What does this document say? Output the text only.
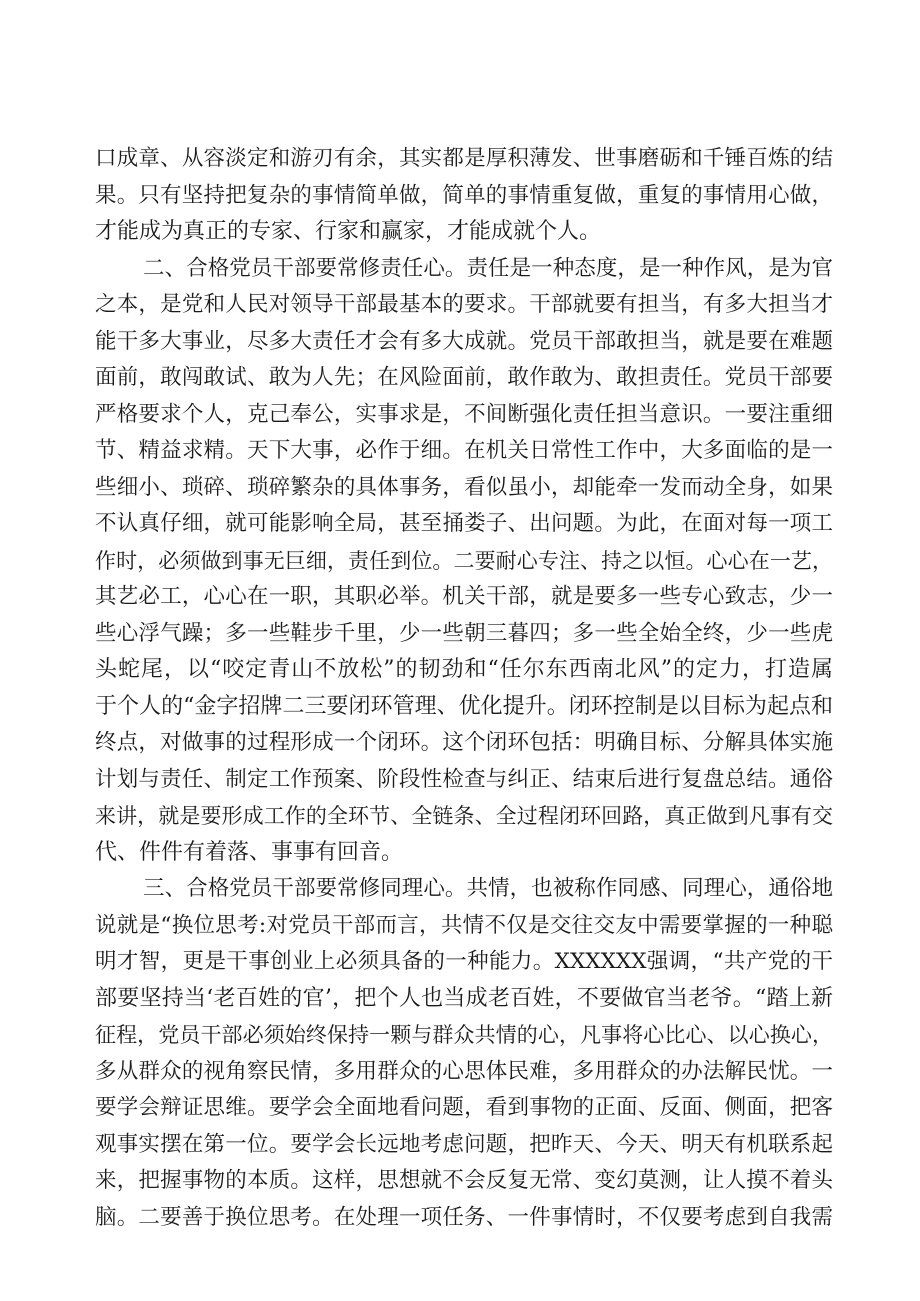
口成章、从容淡定和游刃有余，其实都是厚积薄发、世事磨砺和千锤百炼的结
果。只有坚持把复杂的事情简单做，简单的事情重复做，重复的事情用心做，
才能成为真正的专家、行家和赢家，才能成就个人。
二、合格党员干部要常修责任心。责任是一种态度，是一种作风，是为官
之本，是党和人民对领导干部最基本的要求。干部就要有担当，有多大担当才
能干多大事业，尽多大责任才会有多大成就。党员干部敢担当，就是要在难题
面前，敢闯敢试、敢为人先；在风险面前，敢作敢为、敢担责任。党员干部要
严格要求个人，克己奉公，实事求是，不间断强化责任担当意识。一要注重细
节、精益求精。天下大事，必作于细。在机关日常性工作中，大多面临的是一
些细小、琐碎、琐碎繁杂的具体事务，看似虽小，却能牵一发而动全身，如果
不认真仔细，就可能影响全局，甚至捅娄子、出问题。为此，在面对每一项工
作时，必须做到事无巨细，责任到位。二要耐心专注、持之以恒。心心在一艺，
其艺必工，心心在一职，其职必举。机关干部，就是要多一些专心致志，少一
些心浮气躁；多一些鞋步千里，少一些朝三暮四；多一些全始全终，少一些虎
头蛇尾，以“咬定青山不放松”的韧劲和“任尔东西南北风”的定力，打造属
于个人的“金字招牌二三要闭环管理、优化提升。闭环控制是以目标为起点和
终点，对做事的过程形成一个闭环。这个闭环包括：明确目标、分解具体实施
计划与责任、制定工作预案、阶段性检查与纠正、结束后进行复盘总结。通俗
来讲，就是要形成工作的全环节、全链条、全过程闭环回路，真正做到凡事有交
代、件件有着落、事事有回音。
三、合格党员干部要常修同理心。共情，也被称作同感、同理心，通俗地
说就是“换位思考:对党员干部而言，共情不仅是交往交友中需要掌握的一种聪
明才智，更是干事创业上必须具备的一种能力。XXXXXX强调，“共产党的干
部要坚持当‘老百姓的官’，把个人也当成老百姓，不要做官当老爷。“踏上新
征程，党员干部必须始终保持一颗与群众共情的心，凡事将心比心、以心换心，
多从群众的视角察民情，多用群众的心思体民难，多用群众的办法解民忧。一
要学会辩证思维。要学会全面地看问题，看到事物的正面、反面、侧面，把客
观事实摆在第一位。要学会长远地考虑问题，把昨天、今天、明天有机联系起
来，把握事物的本质。这样，思想就不会反复无常、变幻莫测，让人摸不着头
脑。二要善于换位思考。在处理一项任务、一件事情时，不仅要考虑到自我需
